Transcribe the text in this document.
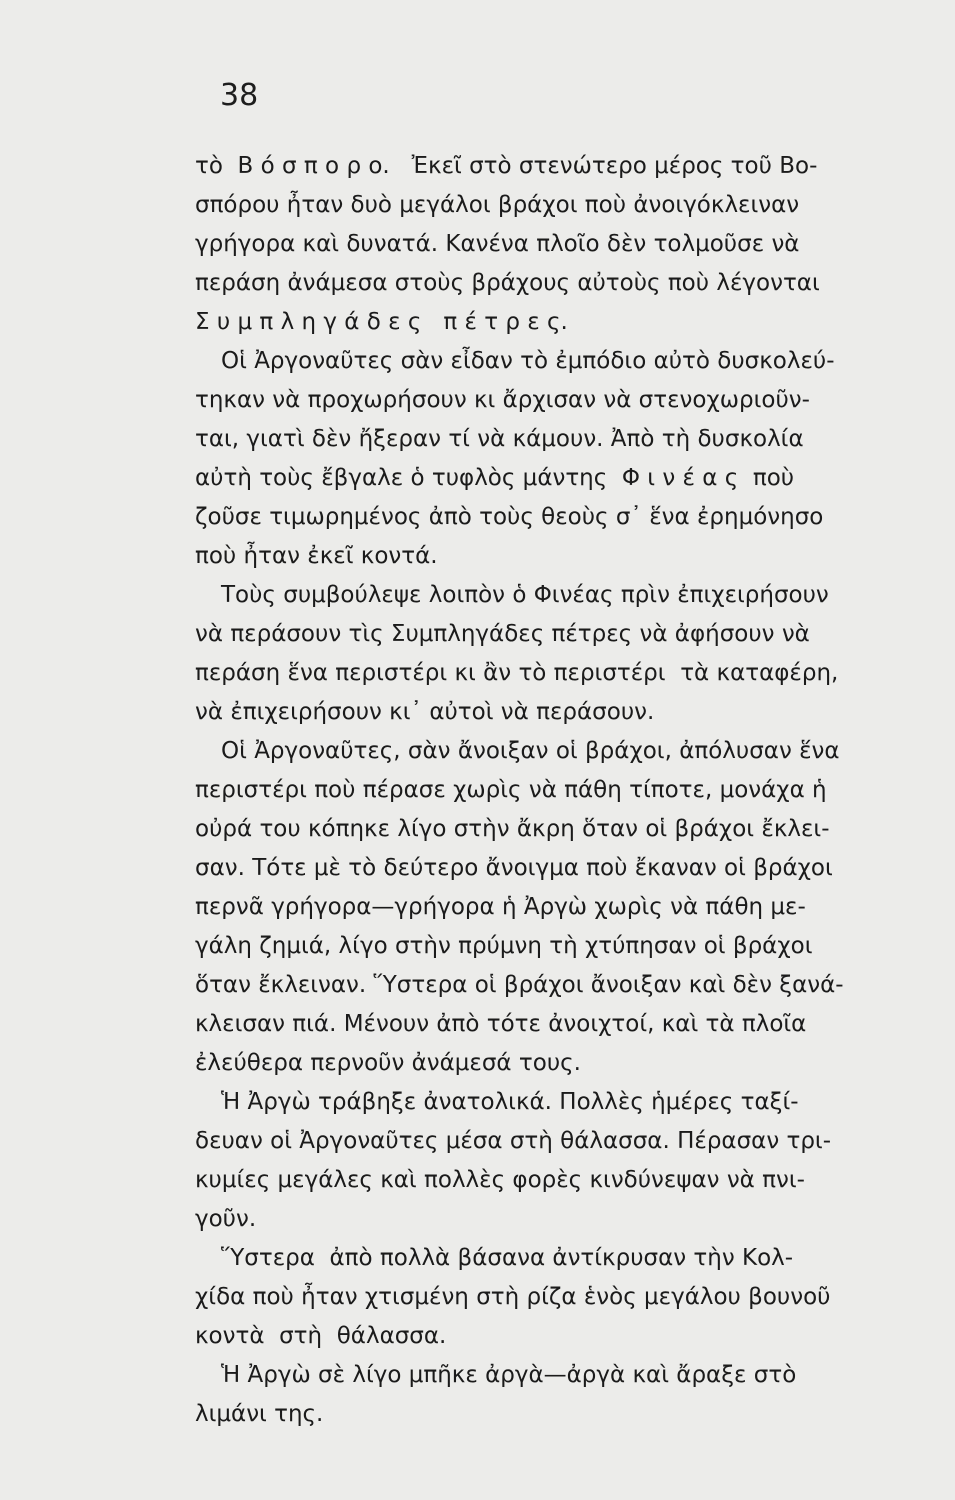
38
τὸ  Β ό σ π ο ρ ο.   Ἐκεῖ στὸ στενώτερο μέρος τοῦ Βο-
σπόρου ἦταν δυὸ μεγάλοι βράχοι ποὺ ἀνοιγόκλειναν
γρήγορα καὶ δυνατά. Κανένα πλοῖο δὲν τολμοῦσε νὰ
περάση ἀνάμεσα στοὺς βράχους αὐτοὺς ποὺ λέγονται
Σ υ μ π λ η γ ά δ ε ς   π έ τ ρ ε ς.
Οἱ Ἀργοναῦτες σὰν εἶδαν τὸ ἐμπόδιο αὐτὸ δυσκολεύ-
τηκαν νὰ προχωρήσουν κι ἄρχισαν νὰ στενοχωριοῦν-
ται, γιατὶ δὲν ἤξεραν τί νὰ κάμουν. Ἀπὸ τὴ δυσκολία
αὐτὴ τοὺς ἔβγαλε ὁ τυφλὸς μάντης  Φ ι ν έ α ς  ποὺ
ζοῦσε τιμωρημένος ἀπὸ τοὺς θεοὺς σ᾽ ἕνα ἐρημόνησο
ποὺ ἦταν ἐκεῖ κοντά.
Τοὺς συμβούλεψε λοιπὸν ὁ Φινέας πρὶν ἐπιχειρήσουν
νὰ περάσουν τὶς Συμπληγάδες πέτρες νὰ ἀφήσουν νὰ
περάση ἕνα περιστέρι κι ἂν τὸ περιστέρι  τὰ καταφέρη,
νὰ ἐπιχειρήσουν κι᾽ αὐτοὶ νὰ περάσουν.
Οἱ Ἀργοναῦτες, σὰν ἄνοιξαν οἱ βράχοι, ἀπόλυσαν ἕνα
περιστέρι ποὺ πέρασε χωρὶς νὰ πάθη τίποτε, μονάχα ἡ
οὐρά του κόπηκε λίγο στὴν ἄκρη ὅταν οἱ βράχοι ἔκλει-
σαν. Τότε μὲ τὸ δεύτερο ἄνοιγμα ποὺ ἔκαναν οἱ βράχοι
περνᾶ γρήγορα—γρήγορα ἡ Ἀργὼ χωρὶς νὰ πάθη με-
γάλη ζημιά, λίγο στὴν πρύμνη τὴ χτύπησαν οἱ βράχοι
ὅταν ἔκλειναν. Ὕστερα οἱ βράχοι ἄνοιξαν καὶ δὲν ξανά-
κλεισαν πιά. Μένουν ἀπὸ τότε ἀνοιχτοί, καὶ τὰ πλοῖα
ἐλεύθερα περνοῦν ἀνάμεσά τους.
Ἡ Ἀργὼ τράβηξε ἀνατολικά. Πολλὲς ἡμέρες ταξί-
δευαν οἱ Ἀργοναῦτες μέσα στὴ θάλασσα. Πέρασαν τρι-
κυμίες μεγάλες καὶ πολλὲς φορὲς κινδύνεψαν νὰ πνι-
γοῦν.
Ὕστερα  ἀπὸ πολλὰ βάσανα ἀντίκρυσαν τὴν Κολ-
χίδα ποὺ ἦταν χτισμένη στὴ ρίζα ἑνὸς μεγάλου βουνοῦ
κοντὰ  στὴ  θάλασσα.
Ἡ Ἀργὼ σὲ λίγο μπῆκε ἀργὰ—ἀργὰ καὶ ἄραξε στὸ
λιμάνι της.
